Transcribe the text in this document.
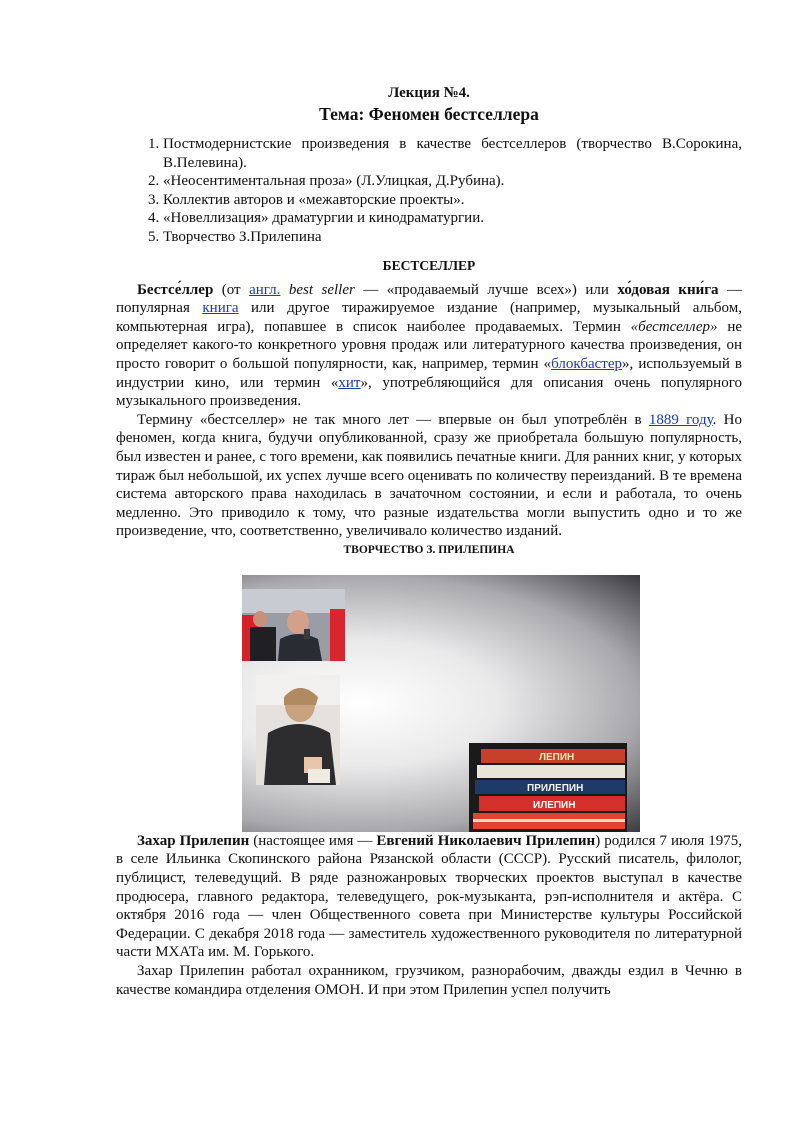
Лекция №4.

Тема: Феномен бестселлера

1. Постмодернистские произведения в качестве бестселлеров (творчество В.Сорокина, В.Пелевина).
2. «Неосентиментальная проза» (Л.Улицкая, Д.Рубина).
3. Коллектив авторов и «межавторские проекты».
4. «Новеллизация» драматургии и кинодраматургии.
5. Творчество З.Прилепина
БЕСТСЕЛЛЕР

Бестсе́ллер (от англ. best seller — «продаваемый лучше всех») или хо́довая кни́га — популярная книга или другое тиражируемое издание (например, музыкальный альбом, компьютерная игра), попавшее в список наиболее продаваемых. Термин «бестселлер» не определяет какого-то конкретного уровня продаж или литературного качества произведения, он просто говорит о большой популярности, как, например, термин «блокбастер», используемый в индустрии кино, или термин «хит», употребляющийся для описания очень популярного музыкального произведения.

Термину «бестселлер» не так много лет — впервые он был употреблён в 1889 году. Но феномен, когда книга, будучи опубликованной, сразу же приобретала большую популярность, был известен и ранее, с того времени, как появились печатные книги. Для ранних книг, у которых тираж был небольшой, их успех лучше всего оценивать по количеству переизданий. В те времена система авторского права находилась в зачаточном состоянии, и если и работала, то очень медленно. Это приводило к тому, что разные издательства могли выпустить одно и то же произведение, что, соответственно, увеличивало количество изданий.

ТВОРЧЕСТВО З. ПРИЛЕПИНА
ЛЕПИН
ПРИЛЕПИН
ИЛЕПИН

Захар Прилепин (настоящее имя — Евгений Николаевич Прилепин) родился 7 июля 1975, в селе Ильинка Скопинского района Рязанской области (СССР). Русский писатель, филолог, публицист, телеведущий. В ряде разножанровых творческих проектов выступал в качестве продюсера, главного редактора, телеведущего, рок-музыканта, рэп-исполнителя и актёра. С октября 2016 года — член Общественного совета при Министерстве культуры Российской Федерации. С декабря 2018 года — заместитель художественного руководителя по литературной части МХАТа им. М. Горького.

Захар Прилепин работал охранником, грузчиком, разнорабочим, дважды ездил в Чечню в качестве командира отделения ОМОН. И при этом Прилепин успел получить
